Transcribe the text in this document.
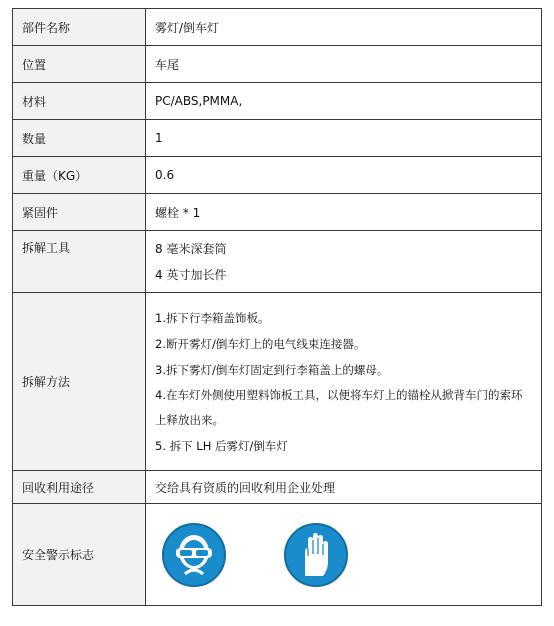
部件名称	雾灯/倒车灯
位置	车尾
材料	PC/ABS,PMMA,
数量	1
重量（KG）	0.6
紧固件	螺栓 * 1
拆解工具	8 毫米深套筒
4 英寸加长件

拆解方法	1.拆下行李箱盖饰板。
2.断开雾灯/倒车灯上的电气线束连接器。
3.拆下雾灯/倒车灯固定到行李箱盖上的螺母。
4.在车灯外侧使用塑料饰板工具，以便将车灯上的锚栓从掀背车门的索环上释放出来。
5. 拆下 LH 后雾灯/倒车灯

回收利用途径	交给具有资质的回收利用企业处理
安全警示标志	
